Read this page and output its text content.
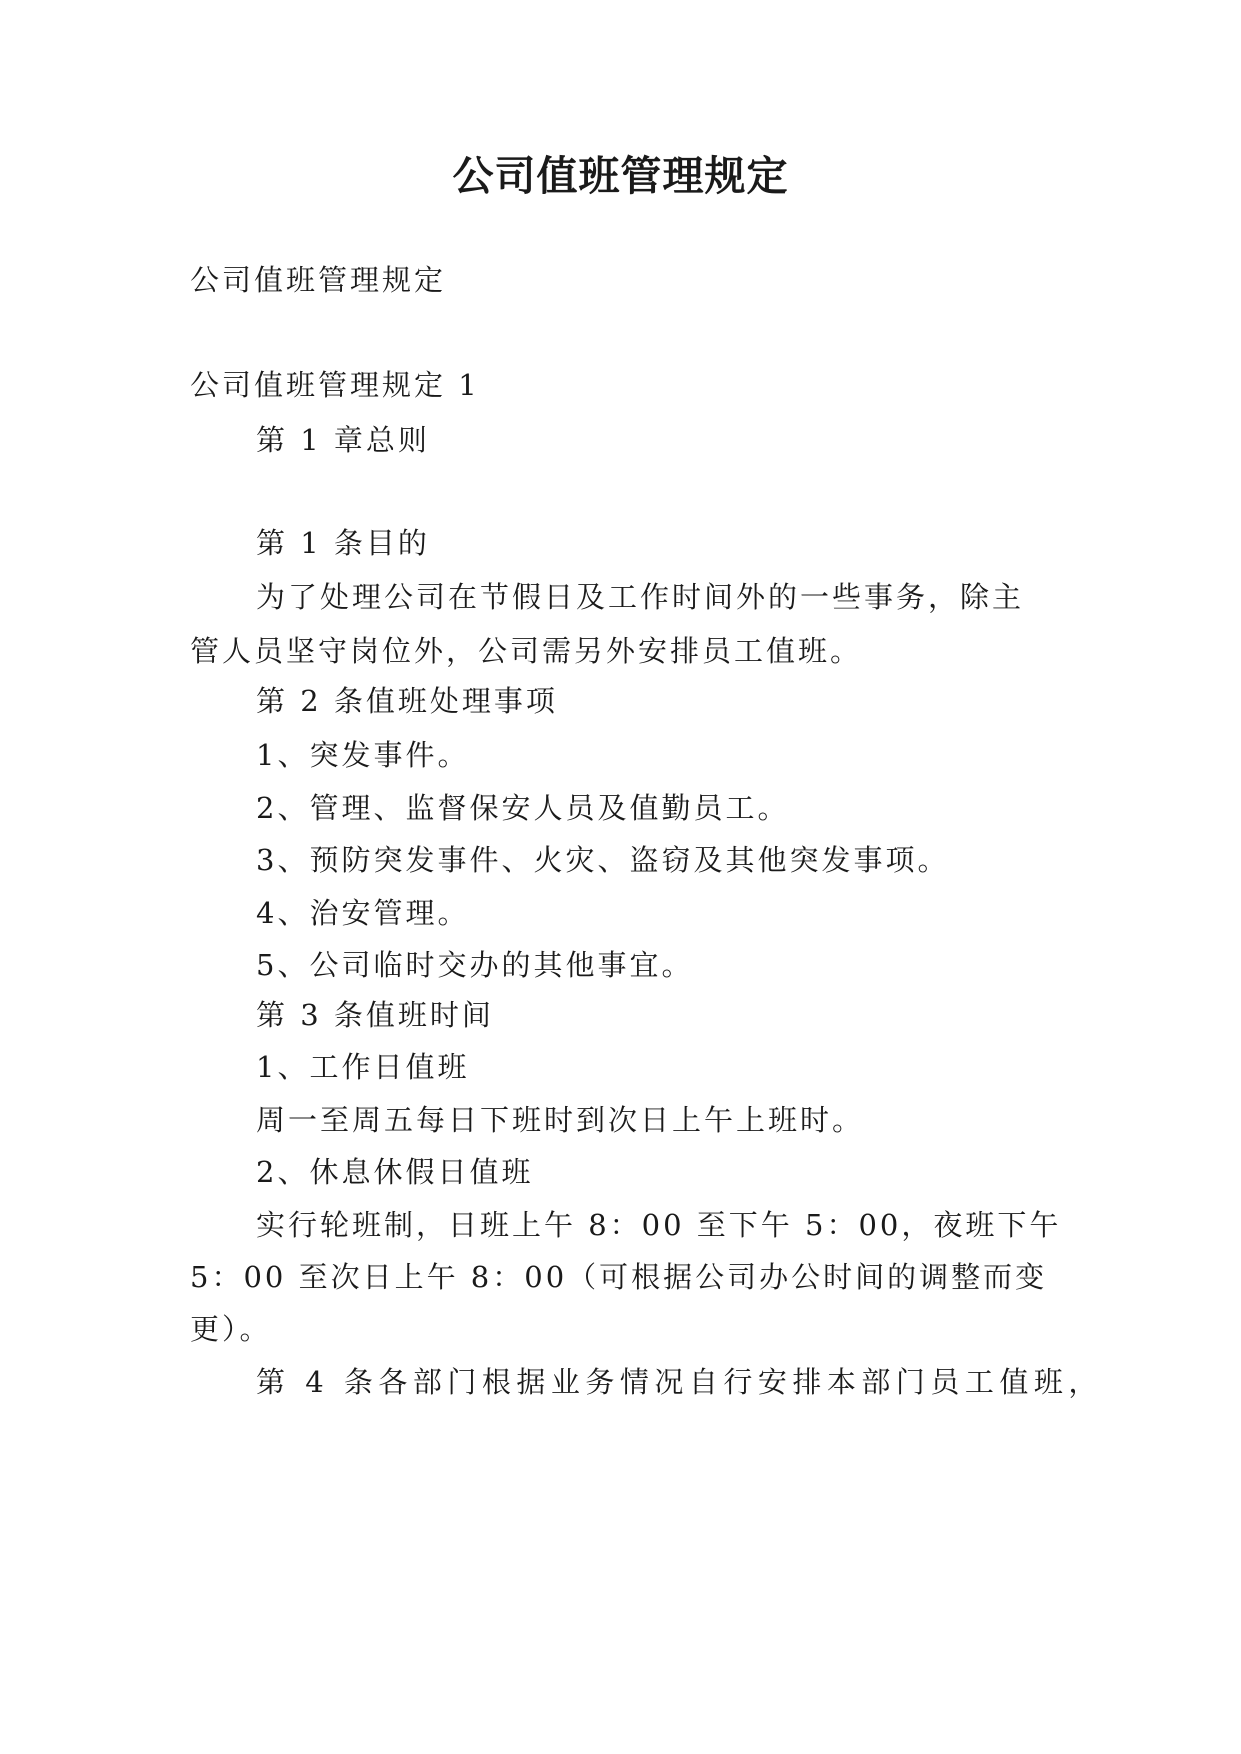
公司值班管理规定

公司值班管理规定

公司值班管理规定 1

第 1 章总则

第 1 条目的

为了处理公司在节假日及工作时间外的一些事务，除主

管人员坚守岗位外，公司需另外安排员工值班。

第 2 条值班处理事项

1、突发事件。

2、管理、监督保安人员及值勤员工。

3、预防突发事件、火灾、盗窃及其他突发事项。

4、治安管理。

5、公司临时交办的其他事宜。

第 3 条值班时间

1、工作日值班

周一至周五每日下班时到次日上午上班时。

2、休息休假日值班

实行轮班制，日班上午 8：00 至下午 5：00，夜班下午

5：00 至次日上午 8：00（可根据公司办公时间的调整而变

更）。

第 4 条各部门根据业务情况自行安排本部门员工值班，
